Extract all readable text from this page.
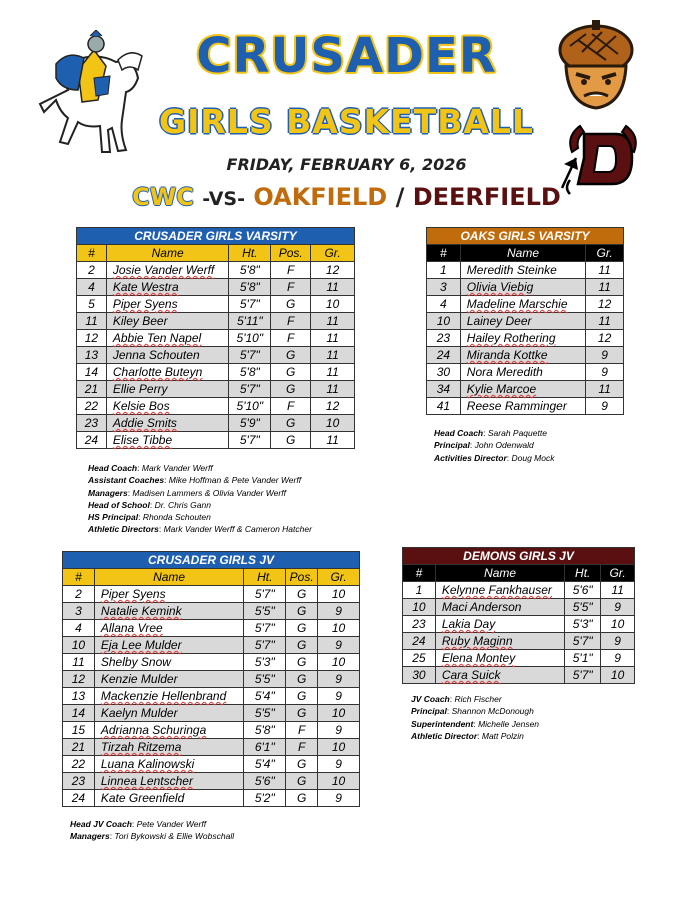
CRUSADER
GIRLS BASKETBALL
FRIDAY, FEBRUARY 6, 2026
CWC -VS- OAKFIELD / DEERFIELD
CRUSADER GIRLS VARSITY				
#	Name	Ht.	Pos.	Gr.
2	Josie Vander Werff	5'8"	F	12
4	Kate Westra	5'8"	F	11
5	Piper Syens	5'7"	G	10
11	Kiley Beer	5'11"	F	11
12	Abbie Ten Napel	5'10"	F	11
13	Jenna Schouten	5'7"	G	11
14	Charlotte Buteyn	5'8"	G	11
21	Ellie Perry	5'7"	G	11
22	Kelsie Bos	5'10"	F	12
23	Addie Smits	5'9"	G	10
24	Elise Tibbe	5'7"	G	11
Head Coach: Mark Vander Werff
Assistant Coaches: Mike Hoffman & Pete Vander Werff
Managers: Madisen Lammers & Olivia Vander Werff
Head of School: Dr. Chris Gann
HS Principal: Rhonda Schouten
Athletic Directors: Mark Vander Werff & Cameron Hatcher
OAKS GIRLS VARSITY		
#	Name	Gr.
1	Meredith Steinke	11
3	Olivia Viebig	11
4	Madeline Marschie	12
10	Lainey Deer	11
23	Hailey Rothering	12
24	Miranda Kottke	9
30	Nora Meredith	9
34	Kylie Marcoe	11
41	Reese Ramminger	9
Head Coach: Sarah Paquette
Principal: John Odenwald
Activities Director: Doug Mock
CRUSADER GIRLS JV				
#	Name	Ht.	Pos.	Gr.
2	Piper Syens	5'7"	G	10
3	Natalie Kemink	5'5"	G	9
4	Allana Vree	5'7"	G	10
10	Eja Lee Mulder	5'7"	G	9
11	Shelby Snow	5'3"	G	10
12	Kenzie Mulder	5'5"	G	9
13	Mackenzie Hellenbrand	5'4"	G	9
14	Kaelyn Mulder	5'5"	G	10
15	Adrianna Schuringa	5'8"	F	9
21	Tirzah Ritzema	6'1"	F	10
22	Luana Kalinowski	5'4"	G	9
23	Linnea Lentscher	5'6"	G	10
24	Kate Greenfield	5'2"	G	9
Head JV Coach: Pete Vander Werff
Managers: Tori Bykowski & Ellie Wobschall
DEMONS GIRLS JV			
#	Name	Ht.	Gr.
1	Kelynne Fankhauser	5'6"	11
10	Maci Anderson	5'5"	9
23	Lakia Day	5'3"	10
24	Ruby Maginn	5'7"	9
25	Elena Montey	5'1"	9
30	Cara Suick	5'7"	10
JV Coach: Rich Fischer
Principal: Shannon McDonough
Superintendent: Michelle Jensen
Athletic Director: Matt Polzin
